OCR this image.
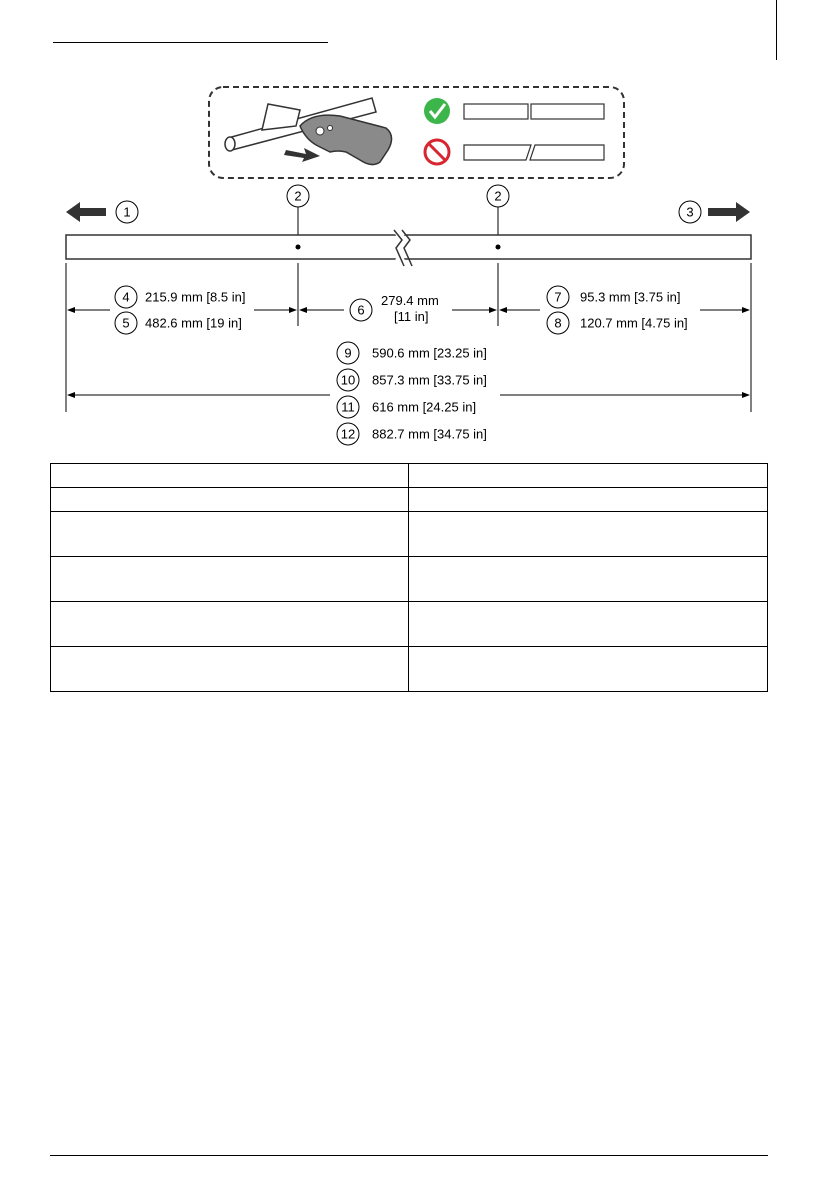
1
2	2
3
4 215.9 mm [8.5 in]
5 482.6 mm [19 in]
6
279.4 mm
[11 in]
7 95.3 mm [3.75 in]
8 120.7 mm [4.75 in]
9 590.6 mm [23.25 in]
10 857.3 mm [33.75 in]
11 616 mm [24.25 in]
12 882.7 mm [34.75 in]
